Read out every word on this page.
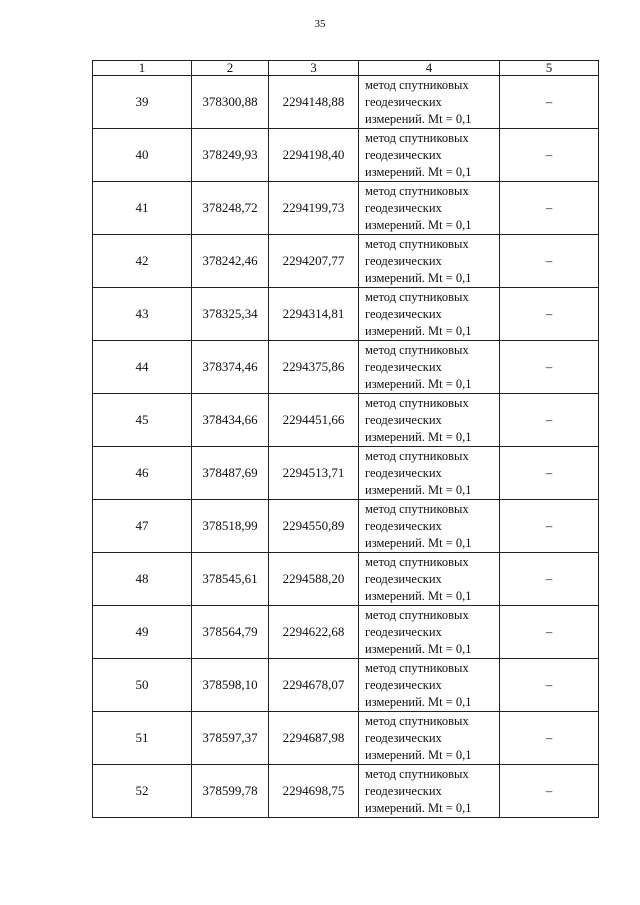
35
1	2	3	4	5
39	378300,88	2294148,88	метод спутниковых
геодезических
измерений. Mt = 0,1	–
40	378249,93	2294198,40	метод спутниковых
геодезических
измерений. Mt = 0,1	–
41	378248,72	2294199,73	метод спутниковых
геодезических
измерений. Mt = 0,1	–
42	378242,46	2294207,77	метод спутниковых
геодезических
измерений. Mt = 0,1	–
43	378325,34	2294314,81	метод спутниковых
геодезических
измерений. Mt = 0,1	–
44	378374,46	2294375,86	метод спутниковых
геодезических
измерений. Mt = 0,1	–
45	378434,66	2294451,66	метод спутниковых
геодезических
измерений. Mt = 0,1	–
46	378487,69	2294513,71	метод спутниковых
геодезических
измерений. Mt = 0,1	–
47	378518,99	2294550,89	метод спутниковых
геодезических
измерений. Mt = 0,1	–
48	378545,61	2294588,20	метод спутниковых
геодезических
измерений. Mt = 0,1	–
49	378564,79	2294622,68	метод спутниковых
геодезических
измерений. Mt = 0,1	–
50	378598,10	2294678,07	метод спутниковых
геодезических
измерений. Mt = 0,1	–
51	378597,37	2294687,98	метод спутниковых
геодезических
измерений. Mt = 0,1	–
52	378599,78	2294698,75	метод спутниковых
геодезических
измерений. Mt = 0,1	–
